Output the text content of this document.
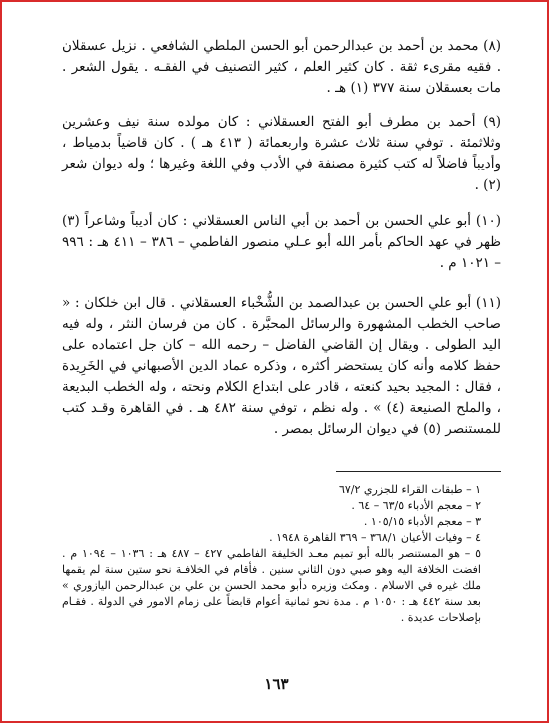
(٨) محمد بن أحمد بن عبدالرحمن أبو الحسن الملطي الشافعي . نزيل عسقلان . فقيه مقرىء ثقة . كان كثير العلم ، كثير التصنيف في الفقـه . يقول الشعر . مات بعسقلان سنة ٣٧٧ (١) هـ .

(٩) أحمد بن مطرف أبو الفتح العسقلاني : كان مولده سنة نيف وعشرين وثلاثمئة . توفي سنة ثلاث عشرة واربعمائة ( ٤١٣ هـ ) . كان قاضياً بدمياط ، وأديباً فاضلاً له كتب كثيرة مصنفة في الأدب وفي اللغة وغيرها ؛ وله ديوان شعر (٢) .

(١٠) أبو علي الحسن بن أحمد بن أبي الناس العسقلاني : كان أديباً وشاعراً (٣) ظهر في عهد الحاكم بأمر الله أبو عـلي منصور الفاطمي – ٣٨٦ – ٤١١ هـ : ٩٩٦ – ١٠٢١ م .

(١١) أبو علي الحسن بن عبدالصمد بن الشُّخْباء العسقلاني . قال ابن خلكان : « صاحب الخطب المشهورة والرسائل المحبَّرة . كان من فرسان النثر ، وله فيه اليد الطولى . ويقال إن القاضي الفاضل – رحمه الله – كان جل اعتماده على حفظ كلامه وأنه كان يستحضر أكثره ، وذكره عماد الدين الأصبهاني في الخَرِيدة ، فقال : المجيد بحيد كنعته ، قادر على ابتداع الكلام ونحته ، وله الخطب البديعة ، والملح الصنيعة (٤) » . وله نظم ، توفي سنة ٤٨٢ هـ . في القاهرة وقـد كتب للمستنصر (٥) في ديوان الرسائل بمصر .

١ – طبقات القراء للجزري ٦٧/٢

٢ – معجم الأدباء ٦٣/٥ – ٦٤ .

٣ – معجم الأدباء ١٠٥/١٥ .

٤ – وفيات الأعيان ٣٦٨/١ – ٣٦٩ القاهرة ١٩٤٨ .

٥ – هو المستنصر بالله أبو تميم معـد الخليفة الفاطمي ٤٢٧ – ٤٨٧ هـ : ١٠٣٦ – ١٠٩٤ م . افضت الخلافة اليه وهو صبي دون الثاني سنين . فأقام في الخلافـة نحو ستين سنة لم يقمها ملك غيره في الاسلام . ومكث وزيره دأبو محمد الحسن بن علي بن عبدالرحمن اليازوري » بعد سنة ٤٤٢ هـ : ١٠٥٠ م . مدة نحو ثمانية أعوام قابضاً على زمام الامور في الدولة . فقـام بإصلاحات عديدة .

١٦٣
